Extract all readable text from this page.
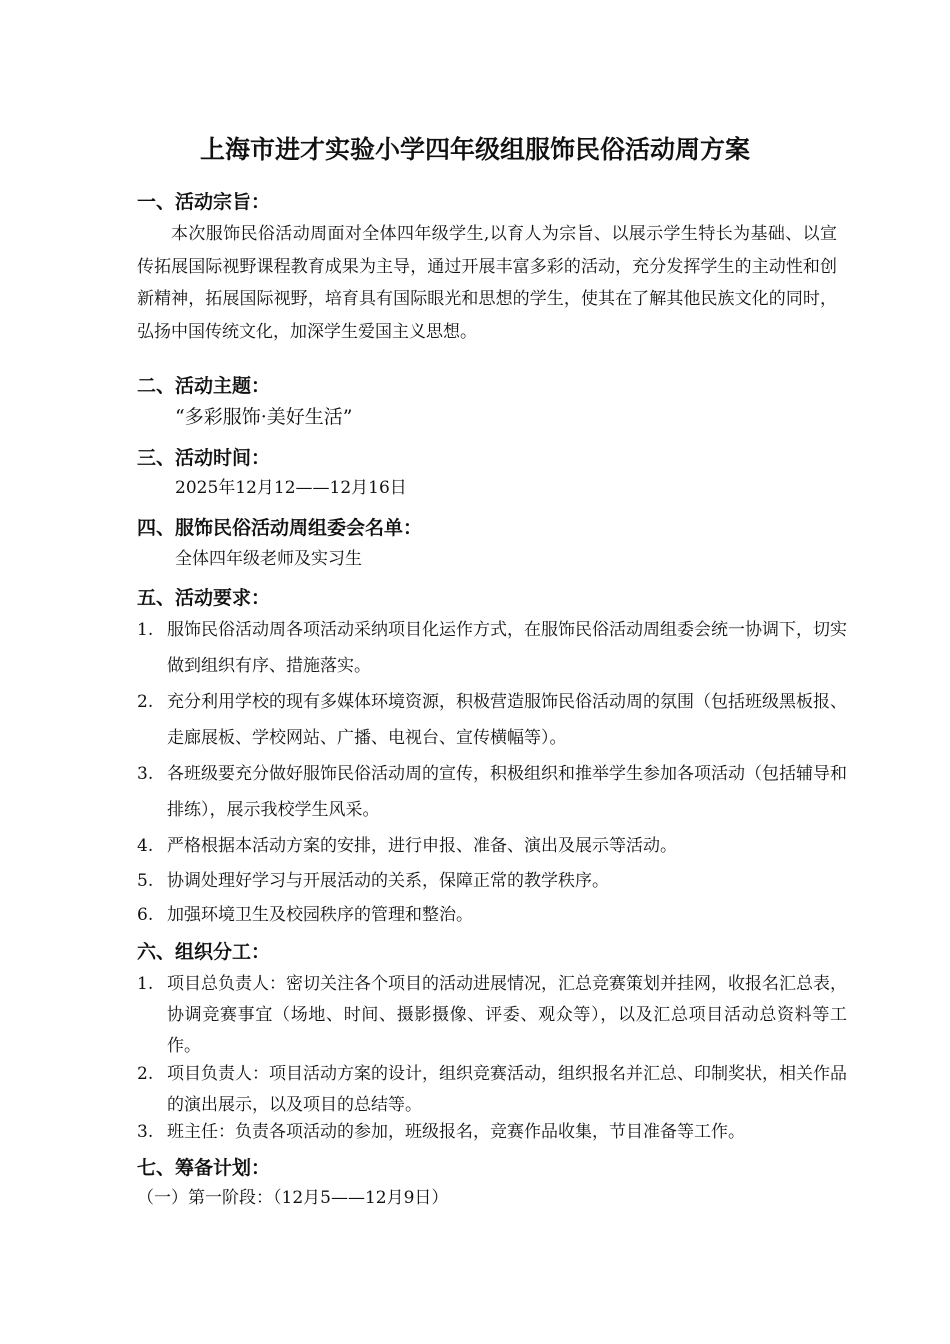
上海市进才实验小学四年级组服饰民俗活动周方案
一、活动宗旨：
本次服饰民俗活动周面对全体四年级学生,以育人为宗旨、以展示学生特长为基础、以宣传拓展国际视野课程教育成果为主导，通过开展丰富多彩的活动，充分发挥学生的主动性和创新精神，拓展国际视野，培育具有国际眼光和思想的学生，使其在了解其他民族文化的同时，弘扬中国传统文化，加深学生爱国主义思想。
二、活动主题：
“多彩服饰·美好生活”
三、活动时间：
2025年12月12——12月16日
四、服饰民俗活动周组委会名单：
全体四年级老师及实习生
五、活动要求：
1. 服饰民俗活动周各项活动采纳项目化运作方式，在服饰民俗活动周组委会统一协调下，切实做到组织有序、措施落实。
2. 充分利用学校的现有多媒体环境资源，积极营造服饰民俗活动周的氛围（包括班级黑板报、走廊展板、学校网站、广播、电视台、宣传横幅等）。
3. 各班级要充分做好服饰民俗活动周的宣传，积极组织和推举学生参加各项活动（包括辅导和排练），展示我校学生风采。
4. 严格根据本活动方案的安排，进行申报、准备、演出及展示等活动。
5. 协调处理好学习与开展活动的关系，保障正常的教学秩序。
6. 加强环境卫生及校园秩序的管理和整治。
六、组织分工：
1. 项目总负责人：密切关注各个项目的活动进展情况，汇总竞赛策划并挂网，收报名汇总表，协调竞赛事宜（场地、时间、摄影摄像、评委、观众等），以及汇总项目活动总资料等工作。
2. 项目负责人：项目活动方案的设计，组织竞赛活动，组织报名并汇总、印制奖状，相关作品的演出展示，以及项目的总结等。
3. 班主任：负责各项活动的参加，班级报名，竞赛作品收集，节目准备等工作。
七、筹备计划：
（一）第一阶段：（12月5——12月9日）
